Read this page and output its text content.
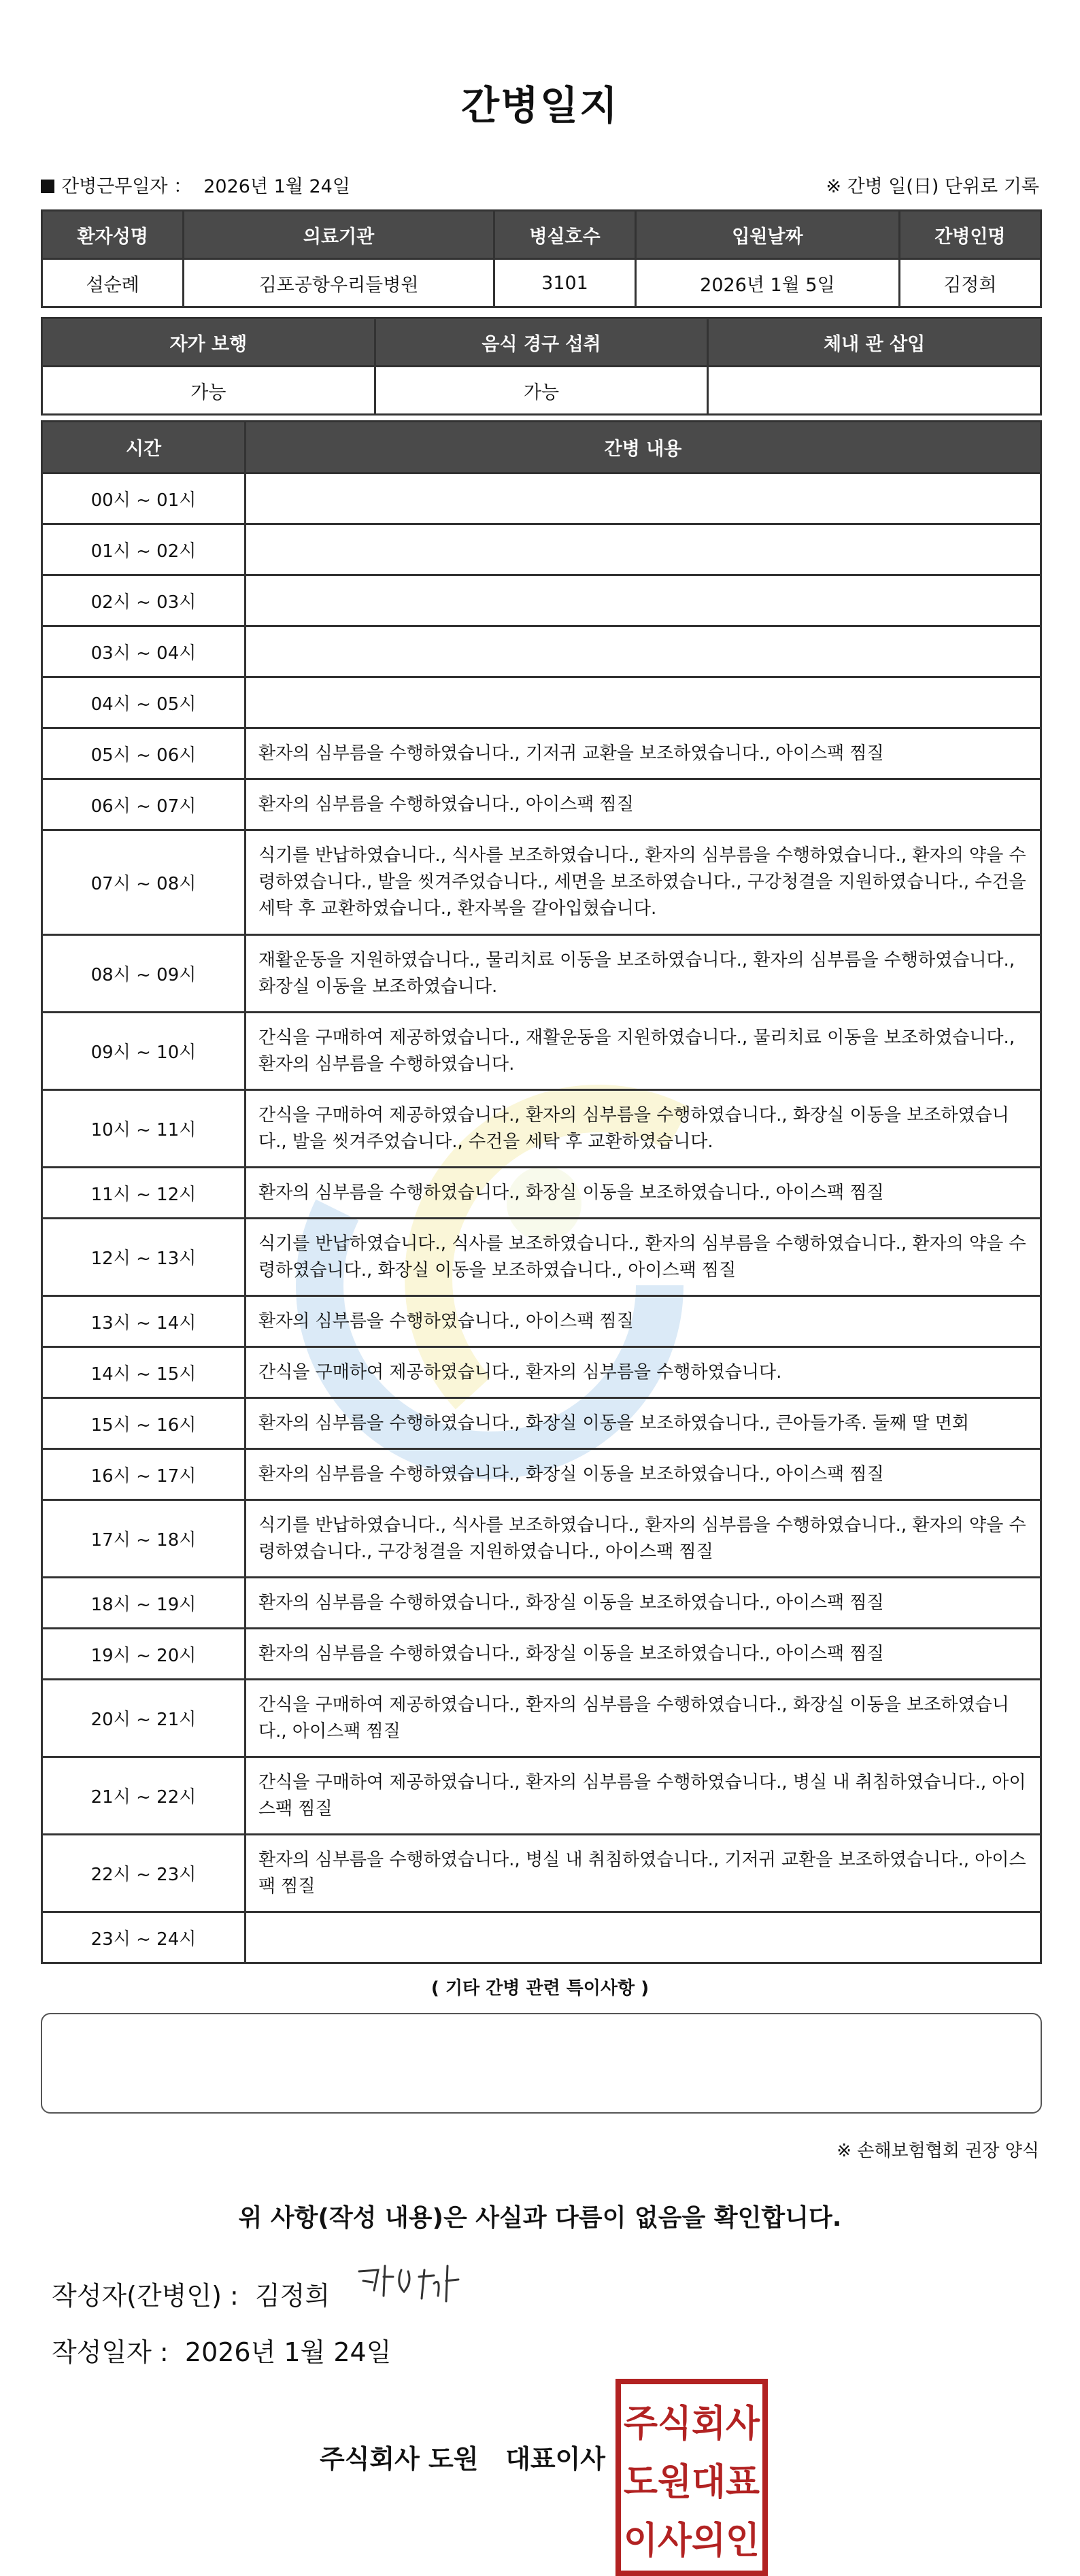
간병일지
간병근무일자 ： 2026년 1월 24일	※ 간병 일(日) 단위로 기록
환자성명	의료기관	병실호수	입원날짜	간병인명
설순례	김포공항우리들병원	3101	2026년 1월 5일	김정희
자가 보행	음식 경구 섭취	체내 관 삽입
가능	가능	
시간	간병 내용
00시 ~ 01시	
01시 ~ 02시	
02시 ~ 03시	
03시 ~ 04시	
04시 ~ 05시	
05시 ~ 06시	환자의 심부름을 수행하였습니다., 기저귀 교환을 보조하였습니다., 아이스팩 찜질
06시 ~ 07시	환자의 심부름을 수행하였습니다., 아이스팩 찜질
07시 ~ 08시	식기를 반납하였습니다., 식사를 보조하였습니다., 환자의 심부름을 수행하였습니다., 환자의 약을 수령하였습니다., 발을 씻겨주었습니다., 세면을 보조하였습니다., 구강청결을 지원하였습니다., 수건을 세탁 후 교환하였습니다., 환자복을 갈아입혔습니다.
08시 ~ 09시	재활운동을 지원하였습니다., 물리치료 이동을 보조하였습니다., 환자의 심부름을 수행하였습니다., 화장실 이동을 보조하였습니다.
09시 ~ 10시	간식을 구매하여 제공하였습니다., 재활운동을 지원하였습니다., 물리치료 이동을 보조하였습니다., 환자의 심부름을 수행하였습니다.
10시 ~ 11시	간식을 구매하여 제공하였습니다., 환자의 심부름을 수행하였습니다., 화장실 이동을 보조하였습니다., 발을 씻겨주었습니다., 수건을 세탁 후 교환하였습니다.
11시 ~ 12시	환자의 심부름을 수행하였습니다., 화장실 이동을 보조하였습니다., 아이스팩 찜질
12시 ~ 13시	식기를 반납하였습니다., 식사를 보조하였습니다., 환자의 심부름을 수행하였습니다., 환자의 약을 수령하였습니다., 화장실 이동을 보조하였습니다., 아이스팩 찜질
13시 ~ 14시	환자의 심부름을 수행하였습니다., 아이스팩 찜질
14시 ~ 15시	간식을 구매하여 제공하였습니다., 환자의 심부름을 수행하였습니다.
15시 ~ 16시	환자의 심부름을 수행하였습니다., 화장실 이동을 보조하였습니다., 큰아들가족. 둘째 딸 면회
16시 ~ 17시	환자의 심부름을 수행하였습니다., 화장실 이동을 보조하였습니다., 아이스팩 찜질
17시 ~ 18시	식기를 반납하였습니다., 식사를 보조하였습니다., 환자의 심부름을 수행하였습니다., 환자의 약을 수령하였습니다., 구강청결을 지원하였습니다., 아이스팩 찜질
18시 ~ 19시	환자의 심부름을 수행하였습니다., 화장실 이동을 보조하였습니다., 아이스팩 찜질
19시 ~ 20시	환자의 심부름을 수행하였습니다., 화장실 이동을 보조하였습니다., 아이스팩 찜질
20시 ~ 21시	간식을 구매하여 제공하였습니다., 환자의 심부름을 수행하였습니다., 화장실 이동을 보조하였습니다., 아이스팩 찜질
21시 ~ 22시	간식을 구매하여 제공하였습니다., 환자의 심부름을 수행하였습니다., 병실 내 취침하였습니다., 아이스팩 찜질
22시 ~ 23시	환자의 심부름을 수행하였습니다., 병실 내 취침하였습니다., 기저귀 교환을 보조하였습니다., 아이스팩 찜질
23시 ~ 24시	
( 기타 간병 관련 특이사항 )
※ 손해보험협회 권장 양식
위 사항(작성 내용)은 사실과 다름이 없음을 확인합니다.
작성자(간병인) : 김정희
작성일자 : 2026년 1월 24일
주식회사 도원 대표이사
주식회사
도원대표
이사의인
